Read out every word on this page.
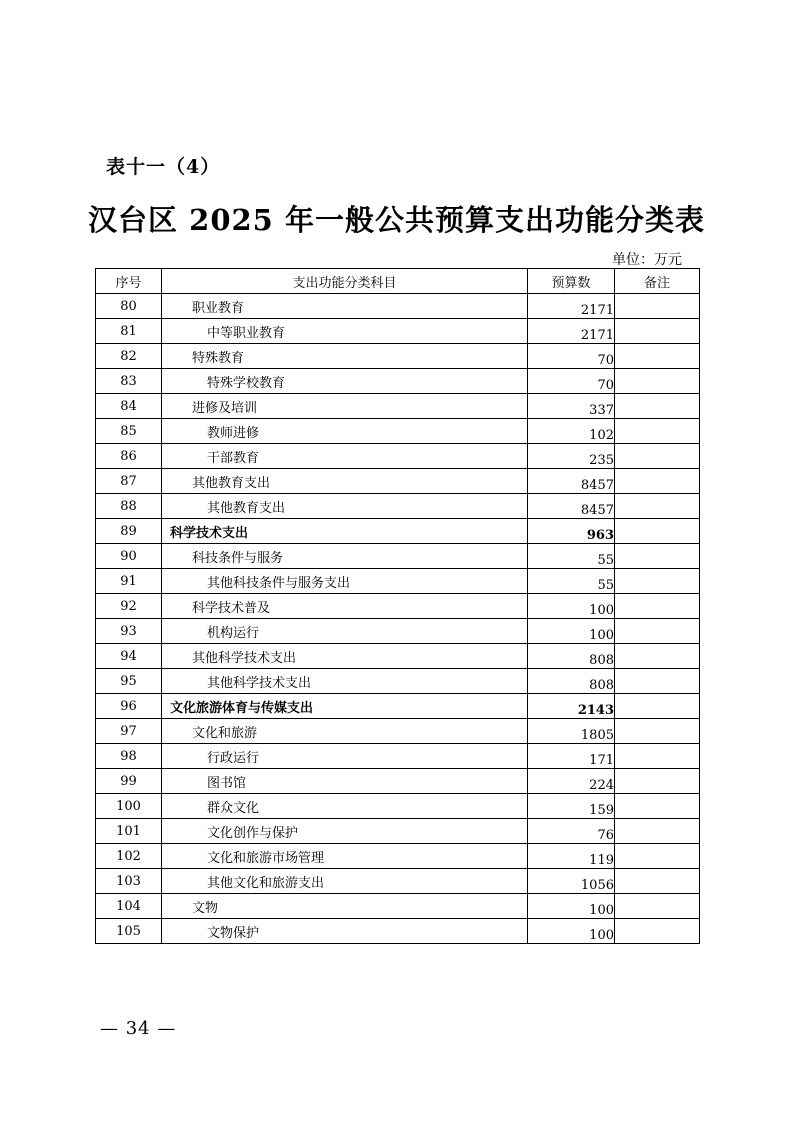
表十一（4）
汉台区 2025 年一般公共预算支出功能分类表
单位：万元
序号	支出功能分类科目	预算数	备注
80	职业教育	2171	
81	中等职业教育	2171	
82	特殊教育	70	
83	特殊学校教育	70	
84	进修及培训	337	
85	教师进修	102	
86	干部教育	235	
87	其他教育支出	8457	
88	其他教育支出	8457	
89	科学技术支出	963	
90	科技条件与服务	55	
91	其他科技条件与服务支出	55	
92	科学技术普及	100	
93	机构运行	100	
94	其他科学技术支出	808	
95	其他科学技术支出	808	
96	文化旅游体育与传媒支出	2143	
97	文化和旅游	1805	
98	行政运行	171	
99	图书馆	224	
100	群众文化	159	
101	文化创作与保护	76	
102	文化和旅游市场管理	119	
103	其他文化和旅游支出	1056	
104	文物	100	
105	文物保护	100	
— 34 —
